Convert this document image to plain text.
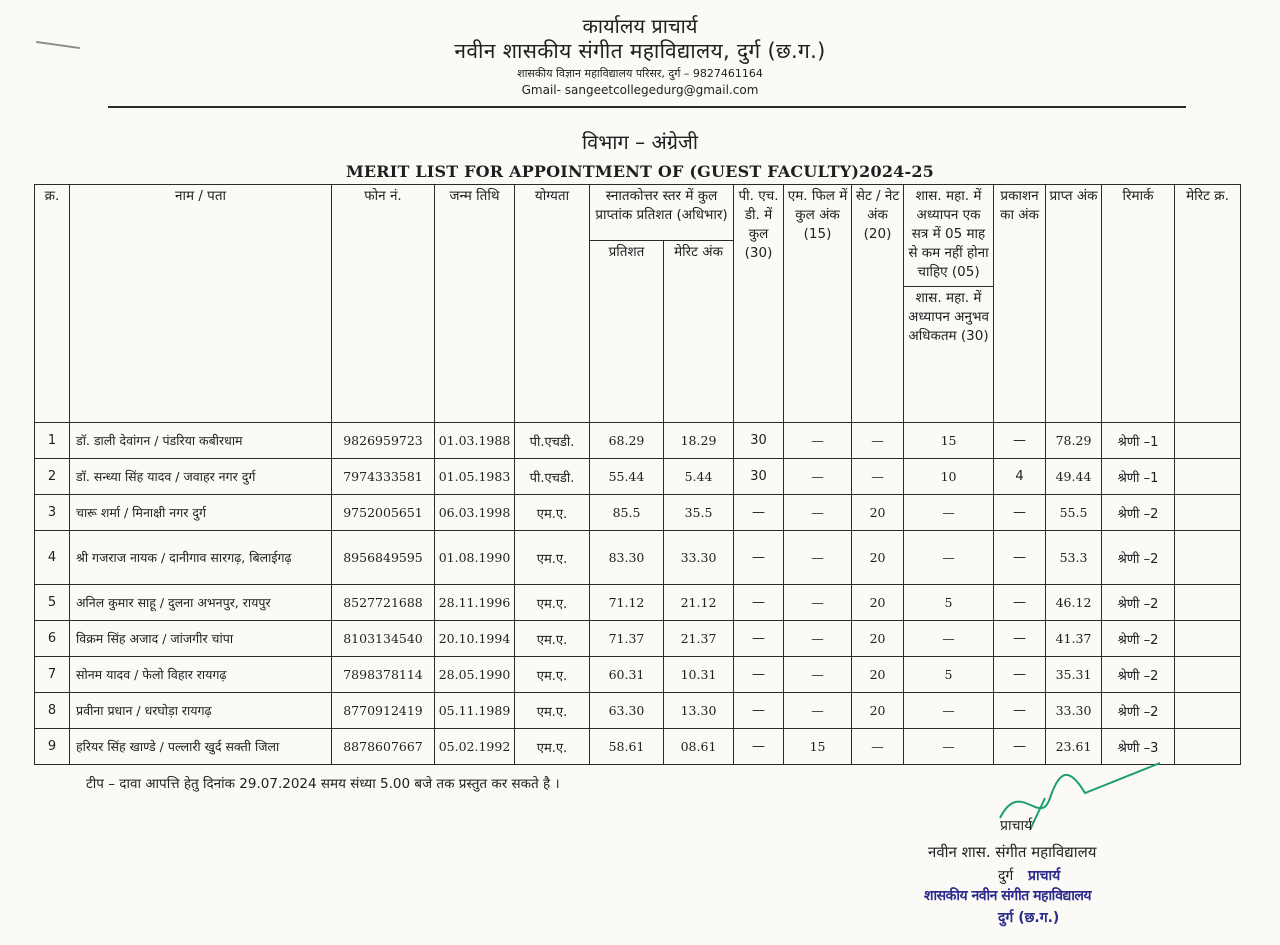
कार्यालय प्राचार्य
नवीन शासकीय संगीत महाविद्यालय, दुर्ग (छ.ग.)
शासकीय विज्ञान महाविद्यालय परिसर, दुर्ग – 9827461164
Gmail- sangeetcollegedurg@gmail.com
विभाग – अंग्रेजी
MERIT LIST FOR APPOINTMENT OF (GUEST FACULTY)2024-25
क्र.	नाम / पता	फोन नं.	जन्म तिथि	योग्यता	स्नातकोत्तर स्तर में कुल प्राप्तांक प्रतिशत (अधिभार)		पी. एच. डी. में कुल (30)	एम. फिल में कुल अंक (15)	सेट / नेट अंक (20)	शास. महा. में अध्यापन एक सत्र में 05 माह से कम नहीं होना चाहिए (05)
शास. महा. में अध्यापन अनुभव अधिकतम (30)	प्रकाशन का अंक	प्राप्त अंक	रिमार्क	मेरिट क्र.
					प्रतिशत	मेरिट अंक								
1	डॉ. डाली देवांगन / पंडरिया कबीरधाम	9826959723	01.03.1988	पी.एचडी.	68.29	18.29	30	—	—	15	—	78.29	श्रेणी –1	
2	डॉ. सन्ध्या सिंह यादव / जवाहर नगर दुर्ग	7974333581	01.05.1983	पी.एचडी.	55.44	5.44	30	—	—	10	4	49.44	श्रेणी –1	
3	चारू शर्मा / मिनाक्षी नगर दुर्ग	9752005651	06.03.1998	एम.ए.	85.5	35.5	—	—	20	—	—	55.5	श्रेणी –2	
4	श्री गजराज नायक / दानीगाव सारगढ़, बिलाईगढ़	8956849595	01.08.1990	एम.ए.	83.30	33.30	—	—	20	—	—	53.3	श्रेणी –2	
5	अनिल कुमार साहू / दुलना अभनपुर, रायपुर	8527721688	28.11.1996	एम.ए.	71.12	21.12	—	—	20	5	—	46.12	श्रेणी –2	
6	विक्रम सिंह अजाद / जांजगीर चांपा	8103134540	20.10.1994	एम.ए.	71.37	21.37	—	—	20	—	—	41.37	श्रेणी –2	
7	सोनम यादव / फेलो विहार रायगढ़	7898378114	28.05.1990	एम.ए.	60.31	10.31	—	—	20	5	—	35.31	श्रेणी –2	
8	प्रवीना प्रधान / धरघोड़ा रायगढ़	8770912419	05.11.1989	एम.ए.	63.30	13.30	—	—	20	—	—	33.30	श्रेणी –2	
9	हरियर सिंह खाण्डे / पल्लारी खुर्द सक्ती जिला	8878607667	05.02.1992	एम.ए.	58.61	08.61	—	15	—	—	—	23.61	श्रेणी –3	
टीप – दावा आपत्ति हेतु दिनांक 29.07.2024 समय संध्या 5.00 बजे तक प्रस्तुत कर सकते है ।
प्राचार्य
नवीन शास. संगीत महाविद्यालय
दुर्ग प्राचार्य
शासकीय नवीन संगीत महाविद्यालय
दुर्ग (छ.ग.)
